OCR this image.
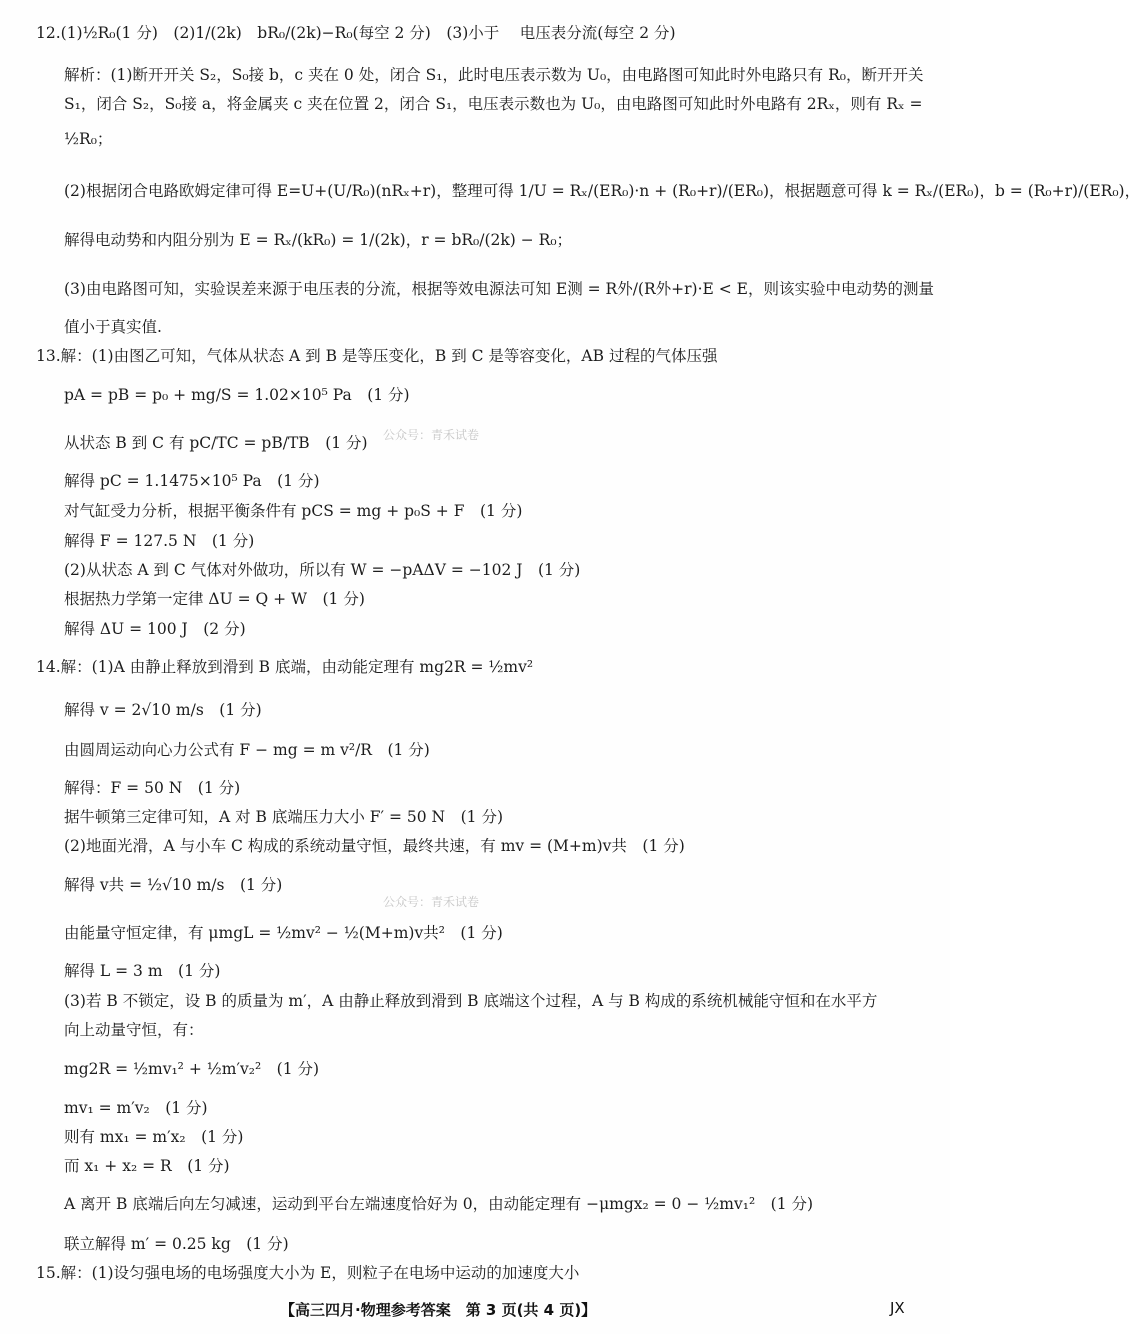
12.(1)½R₀(1 分)　(2)1/(2k)　bR₀/(2k)−R₀(每空 2 分)　(3)小于　 电压表分流(每空 2 分)
解析：(1)断开开关 S₂，S₀接 b，c 夹在 0 处，闭合 S₁，此时电压表示数为 U₀，由电路图可知此时外电路只有 R₀，断开开关
S₁，闭合 S₂，S₀接 a，将金属夹 c 夹在位置 2，闭合 S₁，电压表示数也为 U₀，由电路图可知此时外电路有 2Rₓ，则有 Rₓ =
½R₀；
(2)根据闭合电路欧姆定律可得 E=U+(U/R₀)(nRₓ+r)，整理可得 1/U = Rₓ/(ER₀)·n + (R₀+r)/(ER₀)，根据题意可得 k = Rₓ/(ER₀)，b = (R₀+r)/(ER₀)，
解得电动势和内阻分别为 E = Rₓ/(kR₀) = 1/(2k)，r = bR₀/(2k) − R₀；
(3)由电路图可知，实验误差来源于电压表的分流，根据等效电源法可知 E测 = R外/(R外+r)·E < E，则该实验中电动势的测量
值小于真实值.
13.解：(1)由图乙可知，气体从状态 A 到 B 是等压变化，B 到 C 是等容变化，AB 过程的气体压强
pA = pB = p₀ + mg/S = 1.02×10⁵ Pa　(1 分)
从状态 B 到 C 有 pC/TC = pB/TB　(1 分)
解得 pC = 1.1475×10⁵ Pa　(1 分)
对气缸受力分析，根据平衡条件有 pCS = mg + p₀S + F　(1 分)
解得 F = 127.5 N　(1 分)
(2)从状态 A 到 C 气体对外做功，所以有 W = −pAΔV = −102 J　(1 分)
根据热力学第一定律 ΔU = Q + W　(1 分)
解得 ΔU = 100 J　(2 分)
14.解：(1)A 由静止释放到滑到 B 底端，由动能定理有 mg2R = ½mv²
解得 v = 2√10 m/s　(1 分)
由圆周运动向心力公式有 F − mg = m v²/R　(1 分)
解得：F = 50 N　(1 分)
据牛顿第三定律可知，A 对 B 底端压力大小 F′ = 50 N　(1 分)
(2)地面光滑，A 与小车 C 构成的系统动量守恒，最终共速，有 mv = (M+m)v共　(1 分)
解得 v共 = ½√10 m/s　(1 分)
由能量守恒定律，有 μmgL = ½mv² − ½(M+m)v共²　(1 分)
解得 L = 3 m　(1 分)
(3)若 B 不锁定，设 B 的质量为 m′，A 由静止释放到滑到 B 底端这个过程，A 与 B 构成的系统机械能守恒和在水平方
向上动量守恒，有：
mg2R = ½mv₁² + ½m′v₂²　(1 分)
mv₁ = m′v₂　(1 分)
则有 mx₁ = m′x₂　(1 分)
而 x₁ + x₂ = R　(1 分)
A 离开 B 底端后向左匀减速，运动到平台左端速度恰好为 0，由动能定理有 −μmgx₂ = 0 − ½mv₁²　(1 分)
联立解得 m′ = 0.25 kg　(1 分)
15.解：(1)设匀强电场的电场强度大小为 E，则粒子在电场中运动的加速度大小
公众号：青禾试卷
公众号：青禾试卷
【高三四月·物理参考答案　第 3 页(共 4 页)】	JX
